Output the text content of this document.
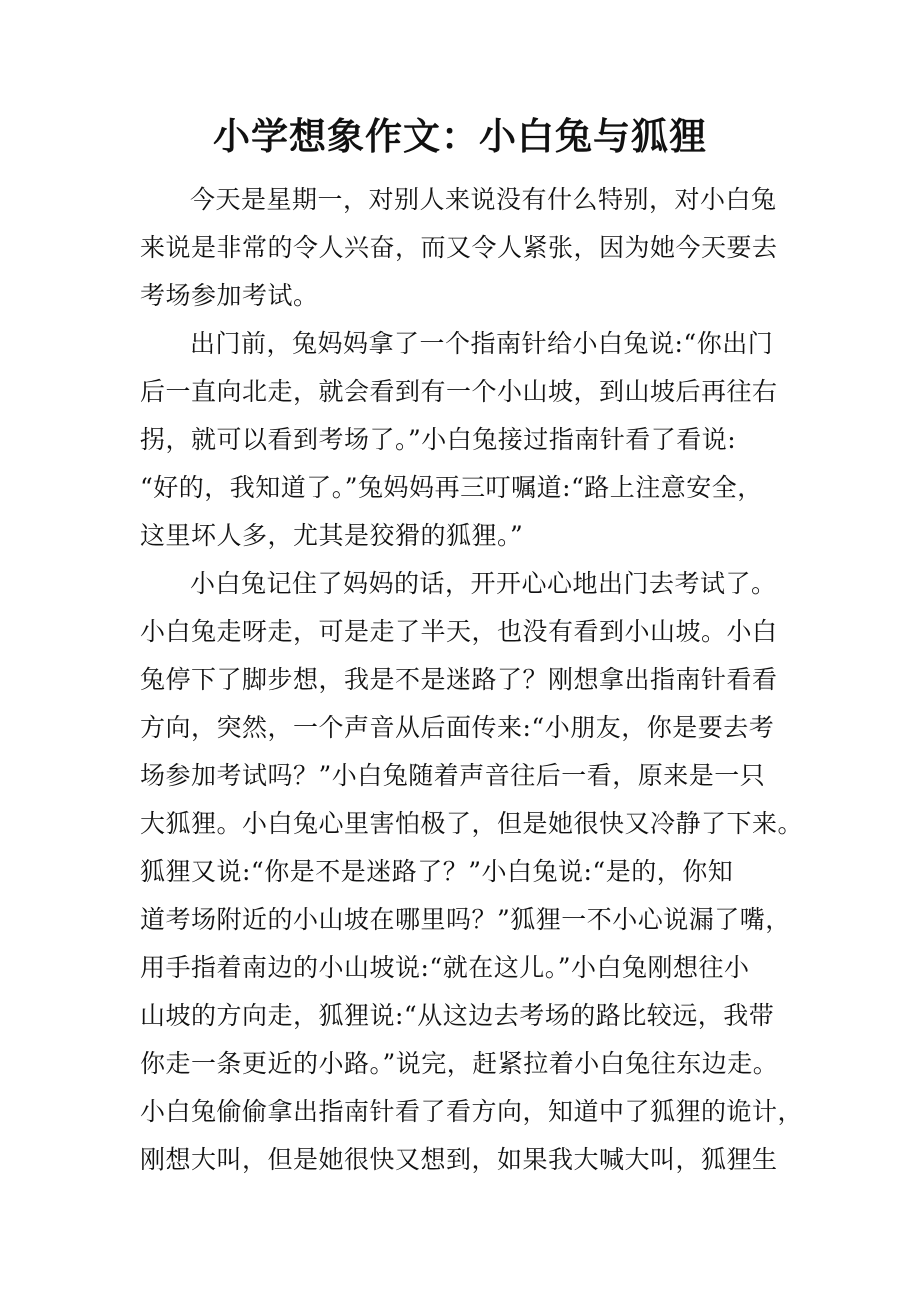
小学想象作文：小白兔与狐狸
今天是星期一，对别人来说没有什么特别，对小白兔
来说是非常的令人兴奋，而又令人紧张，因为她今天要去
考场参加考试。
出门前，兔妈妈拿了一个指南针给小白兔说:“你出门
后一直向北走，就会看到有一个小山坡，到山坡后再往右
拐，就可以看到考场了。”小白兔接过指南针看了看说:
“好的，我知道了。”兔妈妈再三叮嘱道:“路上注意安全，
这里坏人多，尤其是狡猾的狐狸。”
小白兔记住了妈妈的话，开开心心地出门去考试了。
小白兔走呀走，可是走了半天，也没有看到小山坡。小白
兔停下了脚步想，我是不是迷路了？刚想拿出指南针看看
方向，突然，一个声音从后面传来:“小朋友，你是要去考
场参加考试吗？”小白兔随着声音往后一看，原来是一只
大狐狸。小白兔心里害怕极了，但是她很快又冷静了下来。
狐狸又说:“你是不是迷路了？”小白兔说:“是的，你知
道考场附近的小山坡在哪里吗？”狐狸一不小心说漏了嘴，
用手指着南边的小山坡说:“就在这儿。”小白兔刚想往小
山坡的方向走，狐狸说:“从这边去考场的路比较远，我带
你走一条更近的小路。”说完，赶紧拉着小白兔往东边走。
小白兔偷偷拿出指南针看了看方向，知道中了狐狸的诡计，
刚想大叫，但是她很快又想到，如果我大喊大叫，狐狸生
